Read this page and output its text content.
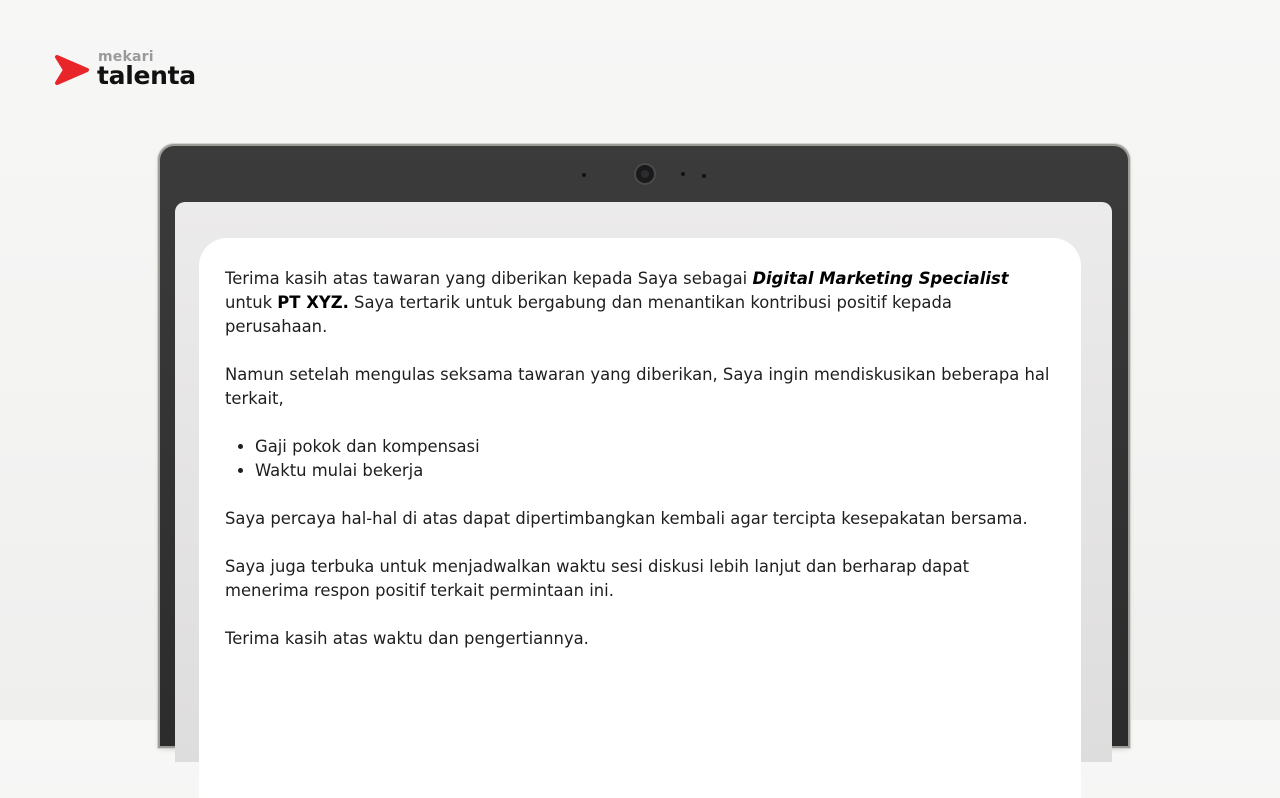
mekari
talenta

Terima kasih atas tawaran yang diberikan kepada Saya sebagai Digital Marketing Specialist untuk PT XYZ. Saya tertarik untuk bergabung dan menantikan kontribusi positif kepada perusahaan.

Namun setelah mengulas seksama tawaran yang diberikan, Saya ingin mendiskusikan beberapa hal terkait,

• Gaji pokok dan kompensasi
• Waktu mulai bekerja

Saya percaya hal-hal di atas dapat dipertimbangkan kembali agar tercipta kesepakatan bersama.

Saya juga terbuka untuk menjadwalkan waktu sesi diskusi lebih lanjut dan berharap dapat menerima respon positif terkait permintaan ini.

Terima kasih atas waktu dan pengertiannya.
